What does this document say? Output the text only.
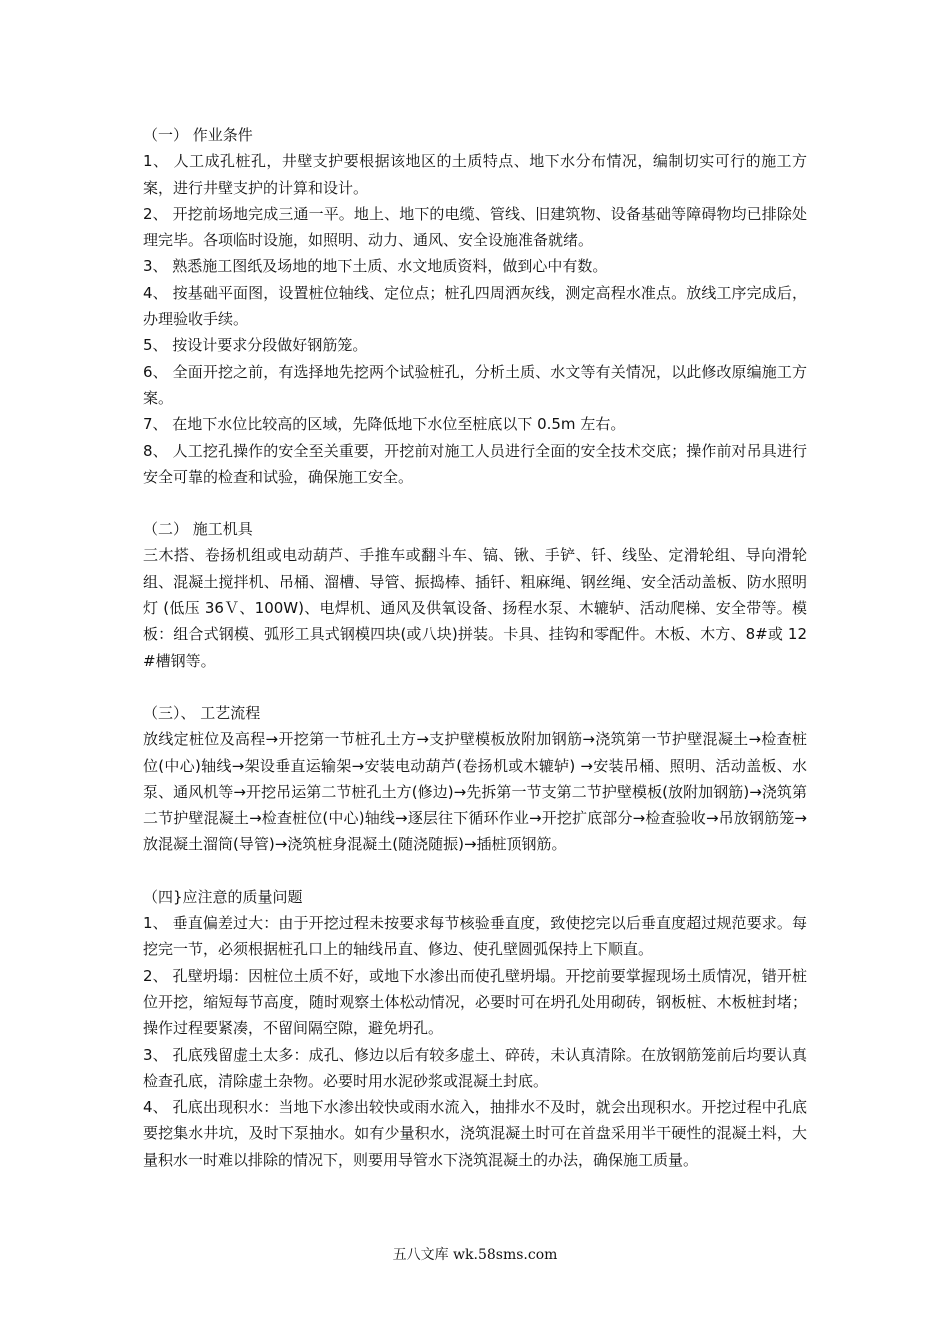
（一） 作业条件
1、 人工成孔桩孔，井壁支护要根据该地区的土质特点、地下水分布情况，编制切实可行的施工方案，进行井壁支护的计算和设计。
2、 开挖前场地完成三通一平。地上、地下的电缆、管线、旧建筑物、设备基础等障碍物均已排除处理完毕。各项临时设施，如照明、动力、通风、安全设施准备就绪。
3、 熟悉施工图纸及场地的地下土质、水文地质资料，做到心中有数。
4、 按基础平面图，设置桩位轴线、定位点；桩孔四周洒灰线，测定高程水准点。放线工序完成后，办理验收手续。
5、 按设计要求分段做好钢筋笼。
6、 全面开挖之前，有选择地先挖两个试验桩孔，分析土质、水文等有关情况，以此修改原编施工方案。
7、 在地下水位比较高的区域，先降低地下水位至桩底以下 0.5m 左右。
8、 人工挖孔操作的安全至关重要，开挖前对施工人员进行全面的安全技术交底；操作前对吊具进行安全可靠的检查和试验，确保施工安全。
（二） 施工机具
三木搭、卷扬机组或电动葫芦、手推车或翻斗车、镐、锹、手铲、钎、线坠、定滑轮组、导向滑轮组、混凝土搅拌机、吊桶、溜槽、导管、振捣棒、插钎、粗麻绳、钢丝绳、安全活动盖板、防水照明灯 (低压 36Ｖ、100W)、电焊机、通风及供氧设备、扬程水泵、木辘轳、活动爬梯、安全带等。模板：组合式钢模、弧形工具式钢模四块(或八块)拼装。卡具、挂钩和零配件。木板、木方、8#或 12#槽钢等。
（三）、 工艺流程
放线定桩位及高程→开挖第一节桩孔土方→支护壁模板放附加钢筋→浇筑第一节护壁混凝土→检查桩位(中心)轴线→架设垂直运输架→安装电动葫芦(卷扬机或木辘轳) →安装吊桶、照明、活动盖板、水泵、通风机等→开挖吊运第二节桩孔土方(修边)→先拆第一节支第二节护壁模板(放附加钢筋)→浇筑第二节护壁混凝土→检查桩位(中心)轴线→逐层往下循环作业→开挖扩底部分→检查验收→吊放钢筋笼→放混凝土溜筒(导管)→浇筑桩身混凝土(随浇随振)→插桩顶钢筋。
（四}应注意的质量问题
1、 垂直偏差过大：由于开挖过程未按要求每节核验垂直度，致使挖完以后垂直度超过规范要求。每挖完一节，必须根据桩孔口上的轴线吊直、修边、使孔壁圆弧保持上下顺直。
2、 孔壁坍塌：因桩位土质不好，或地下水渗出而使孔壁坍塌。开挖前要掌握现场土质情况，错开桩位开挖，缩短每节高度，随时观察土体松动情况，必要时可在坍孔处用砌砖，钢板桩、木板桩封堵；操作过程要紧凑，不留间隔空隙，避免坍孔。
3、 孔底残留虚土太多：成孔、修边以后有较多虚土、碎砖，未认真清除。在放钢筋笼前后均要认真检查孔底，清除虚土杂物。必要时用水泥砂浆或混凝土封底。
4、 孔底出现积水：当地下水渗出较快或雨水流入，抽排水不及时，就会出现积水。开挖过程中孔底要挖集水井坑，及时下泵抽水。如有少量积水，浇筑混凝土时可在首盘采用半干硬性的混凝土料，大量积水一时难以排除的情况下，则要用导管水下浇筑混凝土的办法，确保施工质量。
五八文库 wk.58sms.com
